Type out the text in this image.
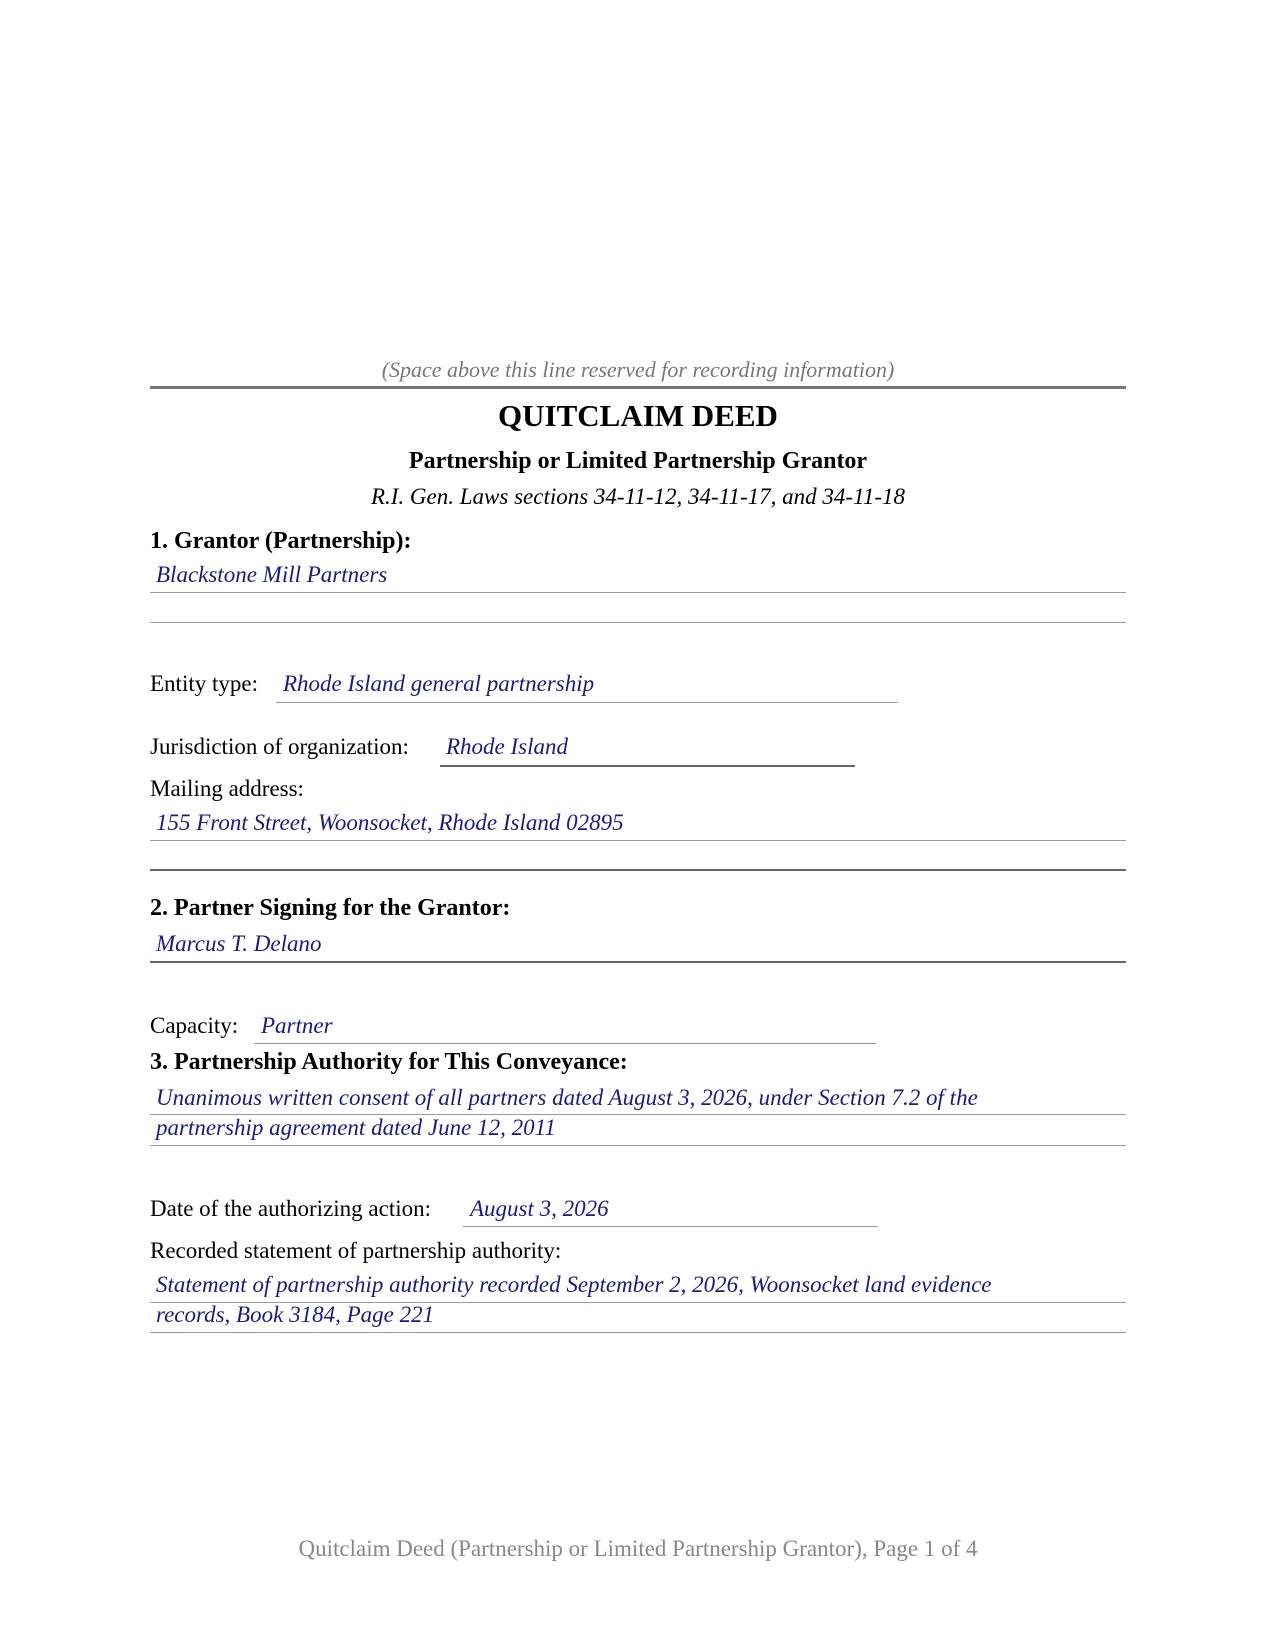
(Space above this line reserved for recording information)
QUITCLAIM DEED
Partnership or Limited Partnership Grantor
R.I. Gen. Laws sections 34-11-12, 34-11-17, and 34-11-18
1. Grantor (Partnership):
Blackstone Mill Partners
Entity type: Rhode Island general partnership
Jurisdiction of organization: Rhode Island
Mailing address:
155 Front Street, Woonsocket, Rhode Island 02895
2. Partner Signing for the Grantor:
Marcus T. Delano
Capacity: Partner
3. Partnership Authority for This Conveyance:
Unanimous written consent of all partners dated August 3, 2026, under Section 7.2 of the
partnership agreement dated June 12, 2011
Date of the authorizing action: August 3, 2026
Recorded statement of partnership authority:
Statement of partnership authority recorded September 2, 2026, Woonsocket land evidence
records, Book 3184, Page 221
Quitclaim Deed (Partnership or Limited Partnership Grantor), Page 1 of 4
